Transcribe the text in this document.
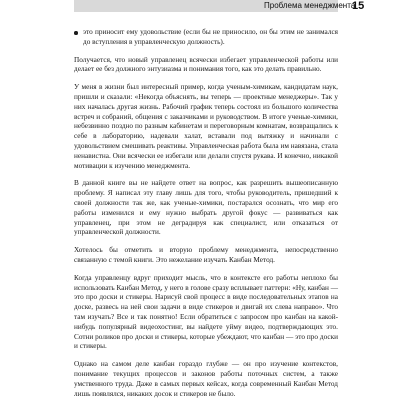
Проблема менеджмента
15
это приносит ему удовольствие (если бы не приносило, он бы этим не занимался до вступления в управленческую должность).

Получается, что новый управленец всячески избегает управленческой работы или делает ее без должного энтузиазма и понимания того, как это делать правильно.

У меня в жизни был интересный пример, когда ученым-химикам, кандидатам наук, пришли и сказали: «Некогда объяснять, вы теперь — проектные менеджеры». Так у них началась другая жизнь. Рабочий график теперь состоял из большого количества встреч и собраний, общения с заказчиками и руководством. В итоге ученые-химики, небезвинно поздно по разным кабинетам и переговорным комнатам, возвращались к себе в лабораторию, надевали халат, вставали под вытяжку и начинали с удовольствием смешивать реактивы. Управленческая работа была им навязана, стала ненавистна. Они всячески ее избегали или делали спустя рукава. И конечно, никакой мотивации к изучению менеджмента.

В данной книге вы не найдете ответ на вопрос, как разрешить вышеописанную проблему. Я написал эту главу лишь для того, чтобы руководитель, пришедший к своей должности так же, как ученые-химики, постарался осознать, что мир его работы изменился и ему нужно выбрать другой фокус — развиваться как управленец, при этом не деградируя как специалист, или отказаться от управленческой должности.

Хотелось бы отметить и вторую проблему менеджмента, непосредственно связанную с темой книги. Это нежелание изучать Канбан Метод.

Когда управленцу вдруг приходит мысль, что в контексте его работы неплохо бы использовать Канбан Метод, у него в голове сразу всплывает паттерн: «Ну, канбан — это про доски и стикеры. Нарисуй свой процесс в виде последовательных этапов на доске, развесь на ней свои задачи в виде стикеров и двигай их слева направо». Что там изучать? Все и так понятно! Если обратиться с запросом про канбан на какой-нибудь популярный видеохостинг, вы найдете уйму видео, подтверждающих это. Сотни роликов про доски и стикеры, которые убеждают, что канбан — это про доски и стикеры.

Однако на самом деле канбан гораздо глубже — он про изучение контекстов, понимание текущих процессов и законов работы поточных систем, а также умственного труда. Даже в самых первых кейсах, когда современный Канбан Метод лишь появлялся, никаких досок и стикеров не было.
